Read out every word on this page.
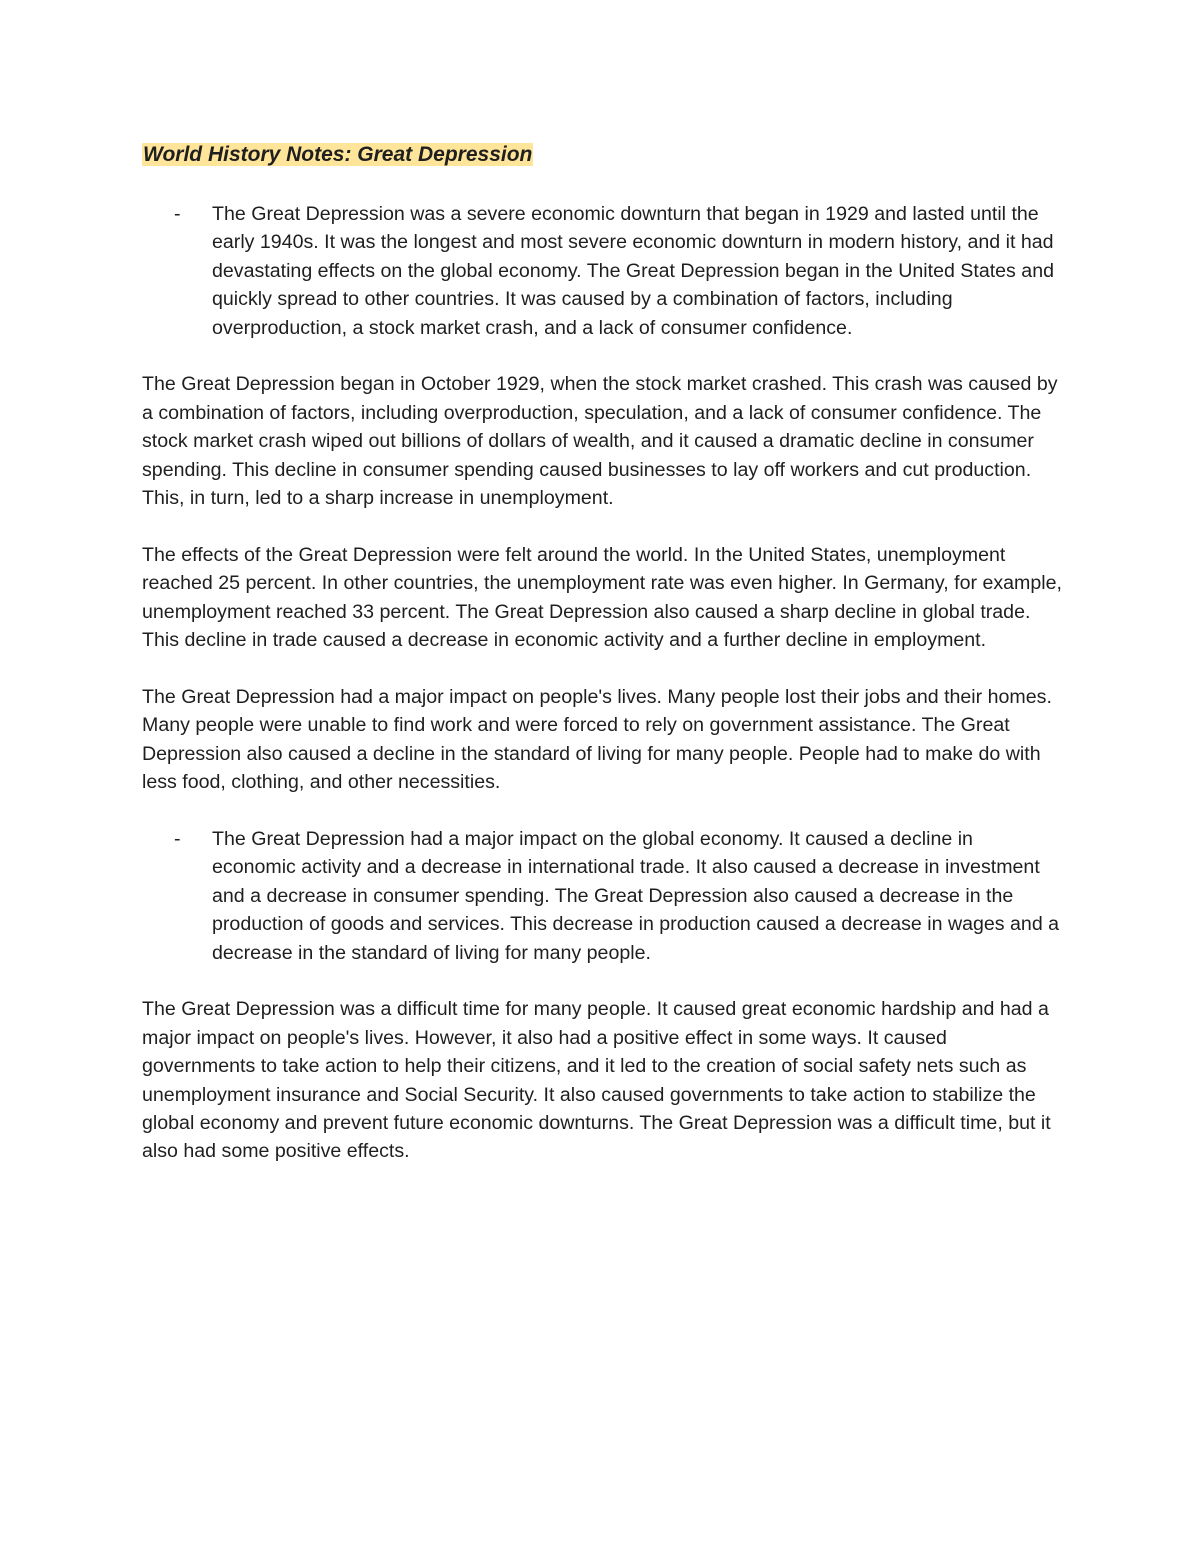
World History Notes: Great Depression
- The Great Depression was a severe economic downturn that began in 1929 and lasted until the early 1940s. It was the longest and most severe economic downturn in modern history, and it had devastating effects on the global economy. The Great Depression began in the United States and quickly spread to other countries. It was caused by a combination of factors, including overproduction, a stock market crash, and a lack of consumer confidence.

The Great Depression began in October 1929, when the stock market crashed. This crash was caused by a combination of factors, including overproduction, speculation, and a lack of consumer confidence. The stock market crash wiped out billions of dollars of wealth, and it caused a dramatic decline in consumer spending. This decline in consumer spending caused businesses to lay off workers and cut production. This, in turn, led to a sharp increase in unemployment.

The effects of the Great Depression were felt around the world. In the United States, unemployment reached 25 percent. In other countries, the unemployment rate was even higher. In Germany, for example, unemployment reached 33 percent. The Great Depression also caused a sharp decline in global trade. This decline in trade caused a decrease in economic activity and a further decline in employment.

The Great Depression had a major impact on people's lives. Many people lost their jobs and their homes. Many people were unable to find work and were forced to rely on government assistance. The Great Depression also caused a decline in the standard of living for many people. People had to make do with less food, clothing, and other necessities.

- The Great Depression had a major impact on the global economy. It caused a decline in economic activity and a decrease in international trade. It also caused a decrease in investment and a decrease in consumer spending. The Great Depression also caused a decrease in the production of goods and services. This decrease in production caused a decrease in wages and a decrease in the standard of living for many people.

The Great Depression was a difficult time for many people. It caused great economic hardship and had a major impact on people's lives. However, it also had a positive effect in some ways. It caused governments to take action to help their citizens, and it led to the creation of social safety nets such as unemployment insurance and Social Security. It also caused governments to take action to stabilize the global economy and prevent future economic downturns. The Great Depression was a difficult time, but it also had some positive effects.
